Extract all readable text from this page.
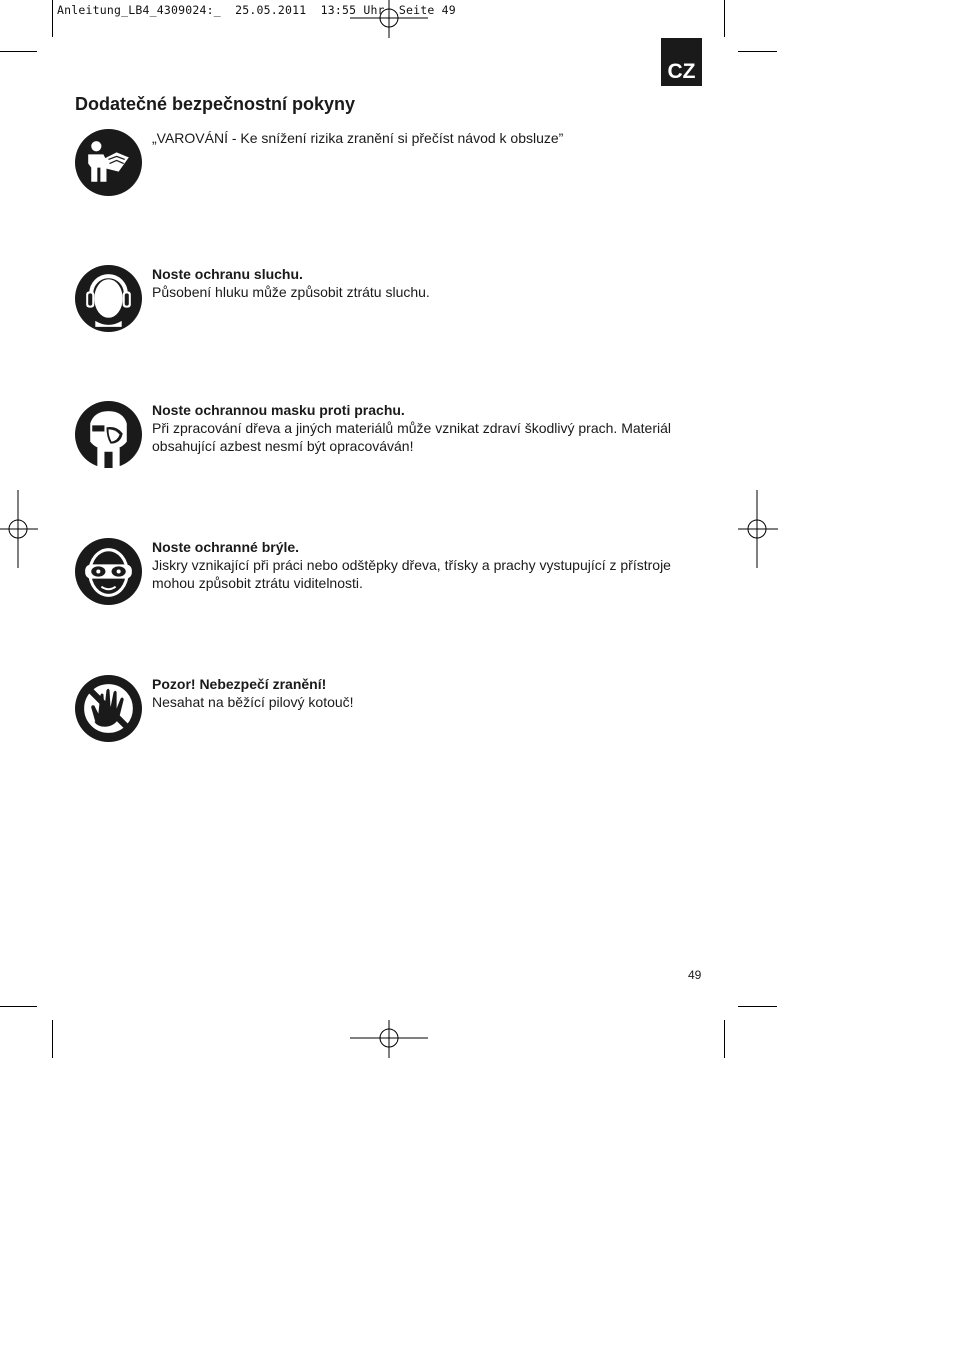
Anleitung_LB4_4309024:_  25.05.2011  13:55 Uhr  Seite 49
CZ
Dodatečné bezpečnostní pokyny
„VAROVÁNÍ - Ke snížení rizika zranění si přečíst návod k obsluze”
Noste ochranu sluchu.
Působení hluku může způsobit ztrátu sluchu.
Noste ochrannou masku proti prachu.
Při zpracování dřeva a jiných materiálů může vznikat zdraví škodlivý prach. Materiál obsahující azbest nesmí být opracováván!
Noste ochranné brýle.
Jiskry vznikající při práci nebo odštěpky dřeva, třísky a prachy vystupující z přístroje mohou způsobit ztrátu viditelnosti.
Pozor! Nebezpečí zranění!
Nesahat na běžící pilový kotouč!
49
